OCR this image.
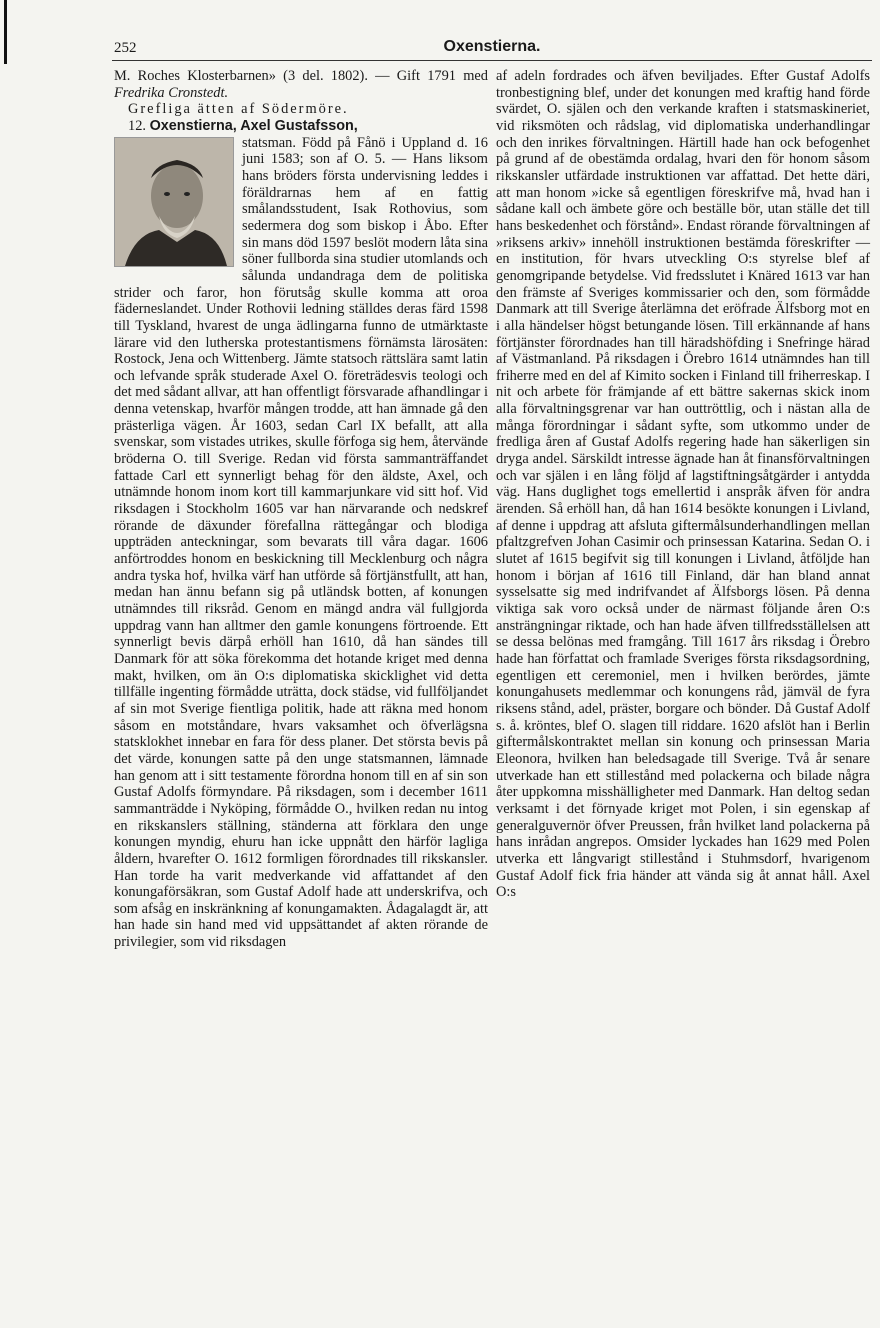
252	Oxenstierna.

M. Roches Klosterbarnen» (3 del. 1802). — Gift 1791 med Fredrika Cronstedt.

Grefliga ätten af Södermöre.

12. Oxenstierna, Axel Gustafsson,

statsman. Född på Fånö i Uppland d. 16 juni 1583; son af O. 5. — Hans liksom hans bröders första undervisning leddes i föräldrarnas hem af en fattig smålandsstudent, Isak Rothovius, som sedermera dog som biskop i Åbo. Efter sin mans död 1597 beslöt modern låta sina söner fullborda sina studier utomlands och sålunda undandraga dem de politiska strider och faror, hon förutsåg skulle komma att oroa fäderneslandet. Under Rothovii ledning ställdes deras färd 1598 till Tyskland, hvarest de unga ädlingarna funno de utmärktaste lärare vid den lutherska protestantismens förnämsta lärosäten: Rostock, Jena och Wittenberg. Jämte statsoch rättslära samt latin och lefvande språk studerade Axel O. företrädesvis teologi och det med sådant allvar, att han offentligt försvarade afhandlingar i denna vetenskap, hvarför mången trodde, att han ämnade gå den prästerliga vägen. År 1603, sedan Carl IX befallt, att alla svenskar, som vistades utrikes, skulle förfoga sig hem, återvände bröderna O. till Sverige. Redan vid första sammanträffandet fattade Carl ett synnerligt behag för den äldste, Axel, och utnämnde honom inom kort till kammarjunkare vid sitt hof. Vid riksdagen i Stockholm 1605 var han närvarande och nedskref rörande de däxunder förefallna rättegångar och blodiga uppträden anteckningar, som bevarats till våra dagar. 1606 anförtroddes honom en beskickning till Mecklenburg och några andra tyska hof, hvilka värf han utförde så förtjänstfullt, att han, medan han ännu befann sig på utländsk botten, af konungen utnämndes till riksråd. Genom en mängd andra väl fullgjorda uppdrag vann han alltmer den gamle konungens förtroende. Ett synnerligt bevis därpå erhöll han 1610, då han sändes till Danmark för att söka förekomma det hotande kriget med denna makt, hvilken, om än O:s diplomatiska skicklighet vid detta tillfälle ingenting förmådde uträtta, dock städse, vid fullföljandet af sin mot Sverige fientliga politik, hade att räkna med honom såsom en motståndare, hvars vaksamhet och öfverlägsna statsklokhet innebar en fara för dess planer. Det största bevis på det värde, konungen satte på den unge statsmannen, lämnade han genom att i sitt testamente förordna honom till en af sin son Gustaf Adolfs förmyndare. På riksdagen, som i december 1611 sammanträdde i Nyköping, förmådde O., hvilken redan nu intog en rikskanslers ställning, ständerna att förklara den unge konungen myndig, ehuru han icke uppnått den härför lagliga åldern, hvarefter O. 1612 formligen förordnades till rikskansler. Han torde ha varit medverkande vid affattandet af den konungaförsäkran, som Gustaf Adolf hade att underskrifva, och som afsåg en inskränkning af konungamakten. Ådagalagdt är, att han hade sin hand med vid uppsättandet af akten rörande de privilegier, som vid riksdagen

af adeln fordrades och äfven beviljades. Efter Gustaf Adolfs tronbestigning blef, under det konungen med kraftig hand förde svärdet, O. själen och den verkande kraften i statsmaskineriet, vid riksmöten och rådslag, vid diplomatiska underhandlingar och den inrikes förvaltningen. Härtill hade han ock befogenhet på grund af de obestämda ordalag, hvari den för honom såsom rikskansler utfärdade instruktionen var affattad. Det hette däri, att man honom »icke så egentligen föreskrifve må, hvad han i sådane kall och ämbete göre och beställe bör, utan ställe det till hans beskedenhet och förstånd». Endast rörande förvaltningen af »riksens arkiv» innehöll instruktionen bestämda föreskrifter — en institution, för hvars utveckling O:s styrelse blef af genomgripande betydelse. Vid fredsslutet i Knäred 1613 var han den främste af Sveriges kommissarier och den, som förmådde Danmark att till Sverige återlämna det eröfrade Älfsborg mot en i alla händelser högst betungande lösen. Till erkännande af hans förtjänster förordnades han till häradshöfding i Snefringe härad af Västmanland. På riksdagen i Örebro 1614 utnämndes han till friherre med en del af Kimito socken i Finland till friherreskap. I nit och arbete för främjande af ett bättre sakernas skick inom alla förvaltningsgrenar var han outtröttlig, och i nästan alla de många förordningar i sådant syfte, som utkommo under de fredliga åren af Gustaf Adolfs regering hade han säkerligen sin dryga andel. Särskildt intresse ägnade han åt finansförvaltningen och var själen i en lång följd af lagstiftningsåtgärder i antydda väg. Hans duglighet togs emellertid i anspråk äfven för andra ärenden. Så erhöll han, då han 1614 besökte konungen i Livland, af denne i uppdrag att afsluta giftermålsunderhandlingen mellan pfaltzgrefven Johan Casimir och prinsessan Katarina. Sedan O. i slutet af 1615 begifvit sig till konungen i Livland, åtföljde han honom i början af 1616 till Finland, där han bland annat sysselsatte sig med indrifvandet af Älfsborgs lösen. På denna viktiga sak voro också under de närmast följande åren O:s ansträngningar riktade, och han hade äfven tillfredsställelsen att se dessa belönas med framgång. Till 1617 års riksdag i Örebro hade han författat och framlade Sveriges första riksdagsordning, egentligen ett ceremoniel, men i hvilken berördes, jämte konungahusets medlemmar och konungens råd, jämväl de fyra riksens stånd, adel, präster, borgare och bönder. Då Gustaf Adolf s. å. kröntes, blef O. slagen till riddare. 1620 afslöt han i Berlin giftermålskontraktet mellan sin konung och prinsessan Maria Eleonora, hvilken han beledsagade till Sverige. Två år senare utverkade han ett stillestånd med polackerna och bilade några åter uppkomna misshälligheter med Danmark. Han deltog sedan verksamt i det förnyade kriget mot Polen, i sin egenskap af generalguvernör öfver Preussen, från hvilket land polackerna på hans inrådan angrepos. Omsider lyckades han 1629 med Polen utverka ett långvarigt stillestånd i Stuhmsdorf, hvarigenom Gustaf Adolf fick fria händer att vända sig åt annat håll. Axel O:s
